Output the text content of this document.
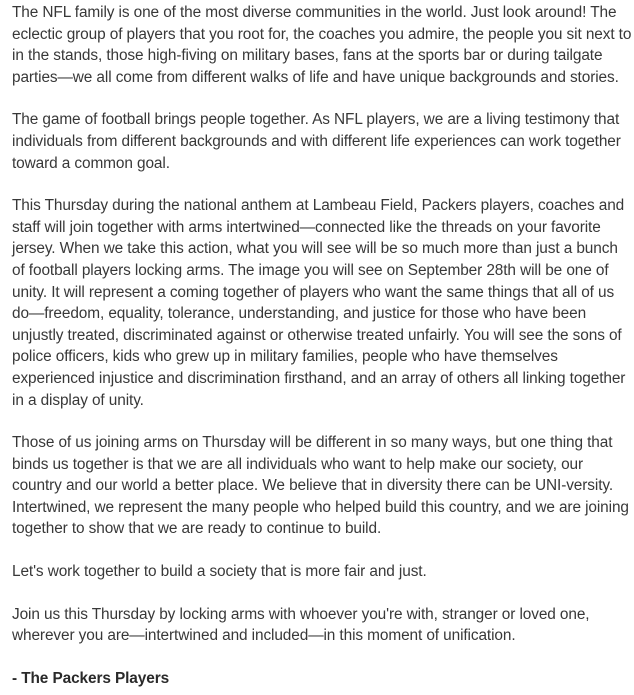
The NFL family is one of the most diverse communities in the world. Just look around! The eclectic group of players that you root for, the coaches you admire, the people you sit next to in the stands, those high-fiving on military bases, fans at the sports bar or during tailgate parties—we all come from different walks of life and have unique backgrounds and stories.

The game of football brings people together. As NFL players, we are a living testimony that individuals from different backgrounds and with different life experiences can work together toward a common goal.

This Thursday during the national anthem at Lambeau Field, Packers players, coaches and staff will join together with arms intertwined—connected like the threads on your favorite jersey. When we take this action, what you will see will be so much more than just a bunch of football players locking arms. The image you will see on September 28th will be one of unity. It will represent a coming together of players who want the same things that all of us do—freedom, equality, tolerance, understanding, and justice for those who have been unjustly treated, discriminated against or otherwise treated unfairly. You will see the sons of police officers, kids who grew up in military families, people who have themselves experienced injustice and discrimination firsthand, and an array of others all linking together in a display of unity.

Those of us joining arms on Thursday will be different in so many ways, but one thing that binds us together is that we are all individuals who want to help make our society, our country and our world a better place. We believe that in diversity there can be UNI-versity. Intertwined, we represent the many people who helped build this country, and we are joining together to show that we are ready to continue to build.

Let's work together to build a society that is more fair and just.

Join us this Thursday by locking arms with whoever you're with, stranger or loved one, wherever you are—intertwined and included—in this moment of unification.

- The Packers Players
